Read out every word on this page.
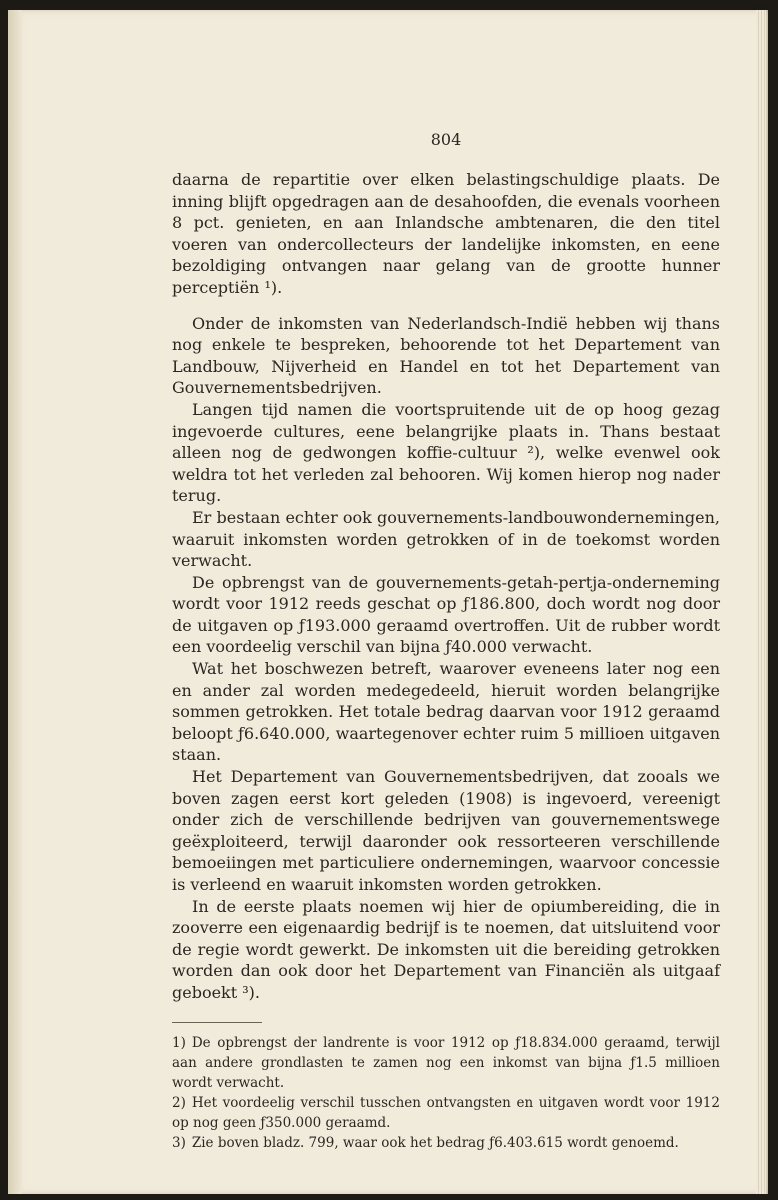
804

daarna de repartitie over elken belastingschuldige plaats. De inning blijft opgedragen aan de desahoofden, die evenals voorheen 8 pct. genieten, en aan Inlandsche ambtenaren, die den titel voeren van ondercollecteurs der landelijke inkomsten, en eene bezoldiging ontvangen naar gelang van de grootte hunner perceptiën ¹).

Onder de inkomsten van Nederlandsch-Indië hebben wij thans nog enkele te bespreken, behoorende tot het Departement van Landbouw, Nijverheid en Handel en tot het Departement van Gouvernementsbedrijven.

Langen tijd namen die voortspruitende uit de op hoog gezag ingevoerde cultures, eene belangrijke plaats in. Thans bestaat alleen nog de gedwongen koffie-cultuur ²), welke evenwel ook weldra tot het verleden zal behooren. Wij komen hierop nog nader terug.

Er bestaan echter ook gouvernements-landbouwondernemingen, waaruit inkomsten worden getrokken of in de toekomst worden verwacht.

De opbrengst van de gouvernements-getah-pertja-onderneming wordt voor 1912 reeds geschat op ƒ186.800, doch wordt nog door de uitgaven op ƒ193.000 geraamd overtroffen. Uit de rubber wordt een voordeelig verschil van bijna ƒ40.000 verwacht.

Wat het boschwezen betreft, waarover eveneens later nog een en ander zal worden medegedeeld, hieruit worden belangrijke sommen getrokken. Het totale bedrag daarvan voor 1912 geraamd beloopt ƒ6.640.000, waartegenover echter ruim 5 millioen uitgaven staan.

Het Departement van Gouvernementsbedrijven, dat zooals we boven zagen eerst kort geleden (1908) is ingevoerd, vereenigt onder zich de verschillende bedrijven van gouvernementswege geëxploiteerd, terwijl daaronder ook ressorteeren verschillende bemoeiingen met particuliere ondernemingen, waarvoor concessie is verleend en waaruit inkomsten worden getrokken.

In de eerste plaats noemen wij hier de opiumbereiding, die in zooverre een eigenaardig bedrijf is te noemen, dat uitsluitend voor de regie wordt gewerkt. De inkomsten uit die bereiding getrokken worden dan ook door het Departement van Financiën als uitgaaf geboekt ³).

1) De opbrengst der landrente is voor 1912 op ƒ18.834.000 geraamd, terwijl aan andere grondlasten te zamen nog een inkomst van bijna ƒ1.5 millioen wordt verwacht.

2) Het voordeelig verschil tusschen ontvangsten en uitgaven wordt voor 1912 op nog geen ƒ350.000 geraamd.

3) Zie boven bladz. 799, waar ook het bedrag ƒ6.403.615 wordt genoemd.
